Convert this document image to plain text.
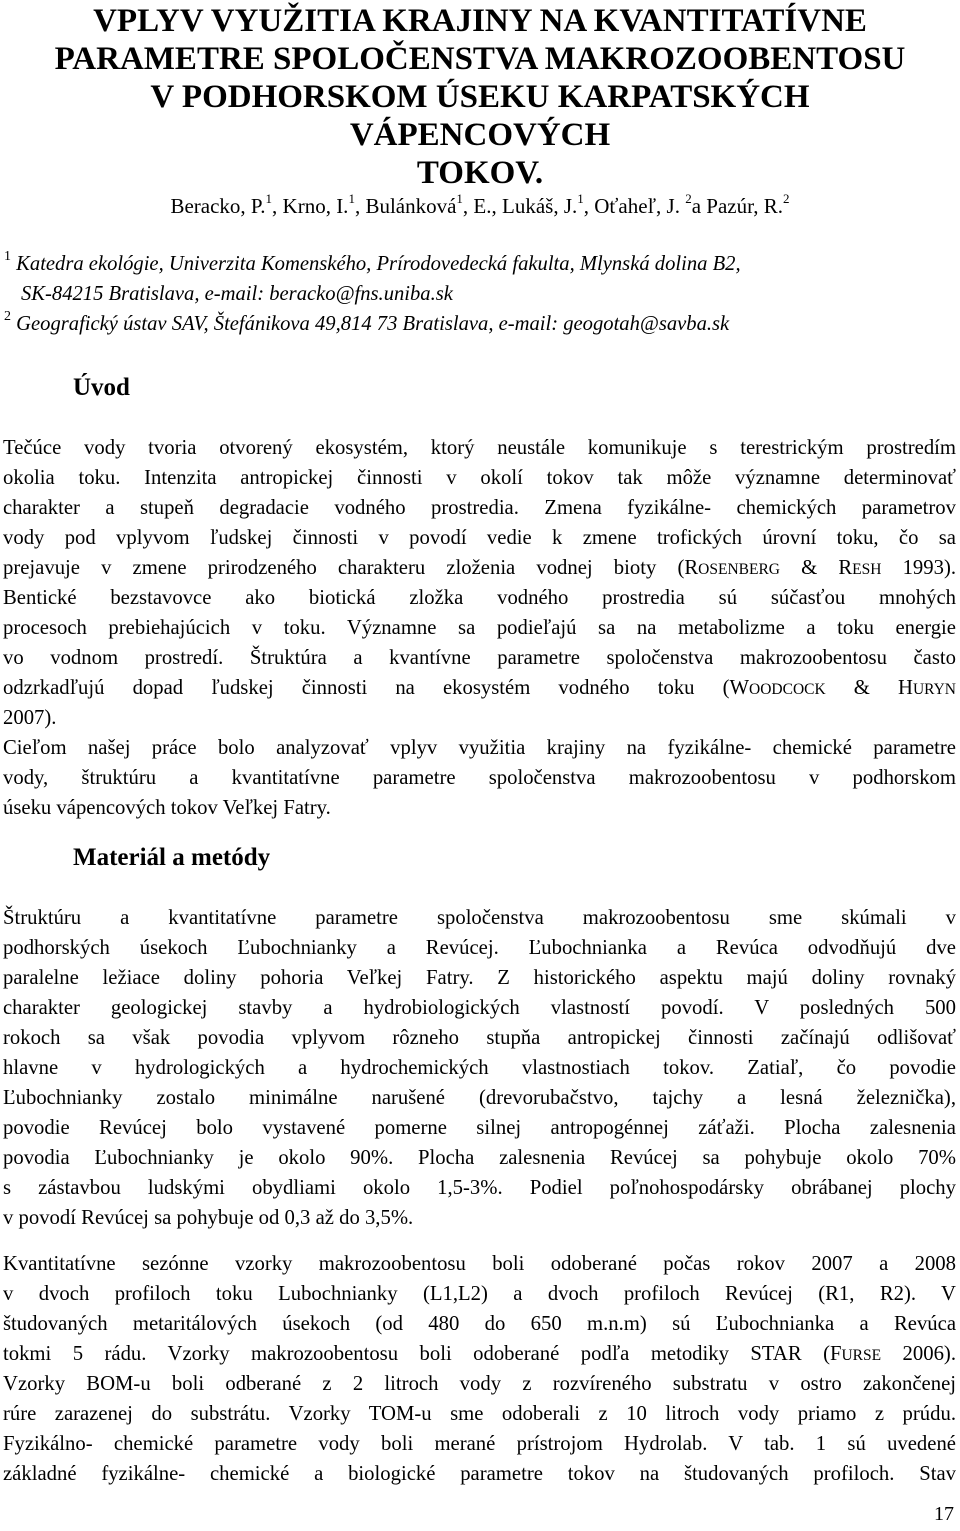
VPLYV VYUŽITIA KRAJINY NA KVANTITATÍVNE
PARAMETRE SPOLOČENSTVA MAKROZOOBENTOSU
V PODHORSKOM ÚSEKU KARPATSKÝCH VÁPENCOVÝCH
TOKOV.
Beracko, P.$^1$, Krno, I.$^1$, Bulánková$^1$, E., Lukáš, J.$^1$, Oťaheľ, J. $^2$a Pazúr, R.$^2$
$^1$ Katedra ekológie, Univerzita Komenského, Prírodovedecká fakulta, Mlynská dolina B2,
SK-84215 Bratislava, e-mail: beracko@fns.uniba.sk
$^2$ Geografický ústav SAV, Štefánikova 49,814 73 Bratislava, e-mail: geogotah@savba.sk
Úvod
Tečúce vody tvoria otvorený ekosystém, ktorý neustále komunikuje s terestrickým prostredím
okolia toku. Intenzita antropickej činnosti v okolí tokov tak môže významne determinovať
charakter a stupeň degradacie vodného prostredia. Zmena fyzikálne- chemických parametrov
vody pod vplyvom ľudskej činnosti v povodí vedie k zmene trofických úrovní toku, čo sa
prejavuje v zmene prirodzeného charakteru zloženia vodnej bioty (ROSENBERG & RESH 1993).
Bentické bezstavovce ako biotická zložka vodného prostredia sú súčasťou mnohých
procesoch prebiehajúcich v toku. Významne sa podieľajú sa na metabolizme a toku energie
vo vodnom prostredí. Štruktúra a kvantívne parametre spoločenstva makrozoobentosu často
odzrkadľujú dopad ľudskej činnosti na ekosystém vodného toku (WOODCOCK & HURYN
2007).
Cieľom našej práce bolo analyzovať vplyv využitia krajiny na fyzikálne- chemické parametre
vody, štruktúru a kvantitatívne parametre spoločenstva makrozoobentosu v podhorskom
úseku vápencových tokov Veľkej Fatry.
Materiál a metódy
Štruktúru a kvantitatívne parametre spoločenstva makrozoobentosu sme skúmali v
podhorských úsekoch Ľubochnianky a Revúcej. Ľubochnianka a Revúca odvodňujú dve
paralelne ležiace doliny pohoria Veľkej Fatry. Z historického aspektu majú doliny rovnaký
charakter geologickej stavby a hydrobiologických vlastností povodí. V posledných 500
rokoch sa však povodia vplyvom rôzneho stupňa antropickej činnosti začínajú odlišovať
hlavne v hydrologických a hydrochemických vlastnostiach tokov. Zatiaľ, čo povodie
Ľubochnianky zostalo minimálne narušené (drevorubačstvo, tajchy a lesná železnička),
povodie Revúcej bolo vystavené pomerne silnej antropogénnej záťaži. Plocha zalesnenia
povodia Ľubochnianky je okolo 90%. Plocha zalesnenia Revúcej sa pohybuje okolo 70%
s zástavbou ludskými obydliami okolo 1,5-3%. Podiel poľnohospodársky obrábanej plochy
v povodí Revúcej sa pohybuje od 0,3 až do 3,5%.
Kvantitatívne sezónne vzorky makrozoobentosu boli odoberané počas rokov 2007 a 2008
v dvoch profiloch toku Lubochnianky (L1,L2) a dvoch profiloch Revúcej (R1, R2). V
študovaných metaritálových úsekoch (od 480 do 650 m.n.m) sú Ľubochnianka a Revúca
tokmi 5 rádu. Vzorky makrozoobentosu boli odoberané podľa metodiky STAR (FURSE 2006).
Vzorky BOM-u boli odberané z 2 litroch vody z rozvíreného substratu v ostro zakončenej
rúre zarazenej do substrátu. Vzorky TOM-u sme odoberali z 10 litroch vody priamo z prúdu.
Fyzikálno- chemické parametre vody boli merané prístrojom Hydrolab. V tab. 1 sú uvedené
základné fyzikálne- chemické a biologické parametre tokov na študovaných profiloch. Stav
17
